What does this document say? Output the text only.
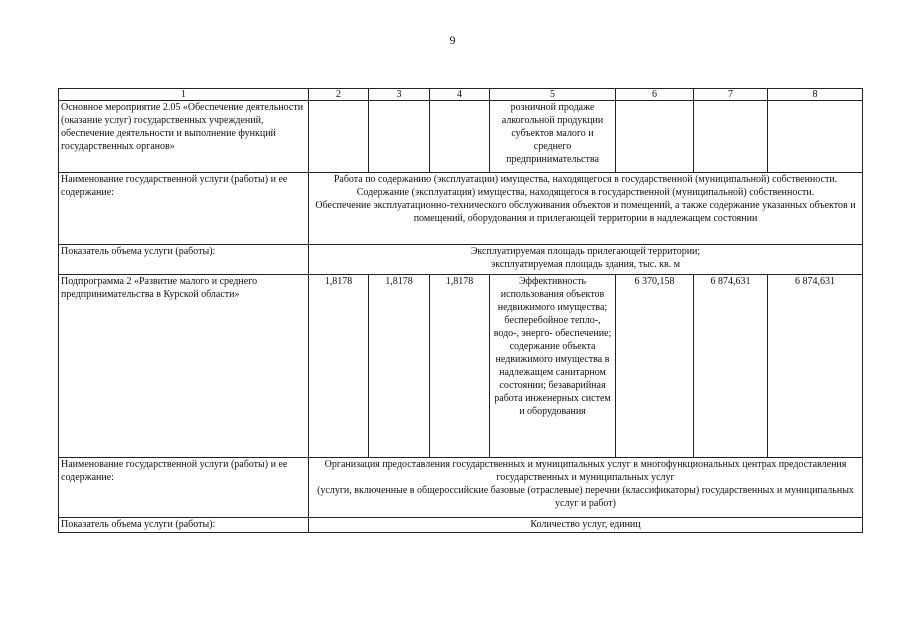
9
1	2	3	4	5	6	7	8
Основное мероприятие 2.05 «Обеспечение деятельности (оказание услуг) государственных учреждений, обеспечение деятельности и выполнение функций государственных органов»				розничной продаже алкогольной продукции субъектов малого и среднего предпринимательства			
Наименование государственной услуги (работы) и ее содержание:	Работа по содержанию (эксплуатации) имущества, находящегося в государственной (муниципальной) собственности.
Содержание (эксплуатация) имущества, находящегося в государственной (муниципальной) собственности.
Обеспечение эксплуатационно-технического обслуживания объектов и помещений, а также содержание указанных объектов и помещений, оборудования и прилегающей территории в надлежащем состоянии						

Показатель объема услуги (работы):	Эксплуатируемая площадь прилегающей территории;
эксплуатируемая площадь здания, тыс. кв. м						

Подпрограмма 2 «Развитие малого и среднего предпринимательства в Курской области»	1,8178	1,8178	1,8178	Эффективность использования объектов недвижимого имущества; бесперебойное тепло-, водо-, энерго- обеспечение; содержание объекта недвижимого имущества в надлежащем санитарном состоянии; безаварийная работа инженерных систем и оборудования	6 370,158	6 874,631	6 874,631
Наименование государственной услуги (работы) и ее содержание:	Организация предоставления государственных и муниципальных услуг в многофункциональных центрах предоставления государственных и муниципальных услуг
(услуги, включенные в общероссийские базовые (отраслевые) перечни (классификаторы) государственных и муниципальных услуг и работ)						

Показатель объема услуги (работы):	Количество услуг, единиц						
